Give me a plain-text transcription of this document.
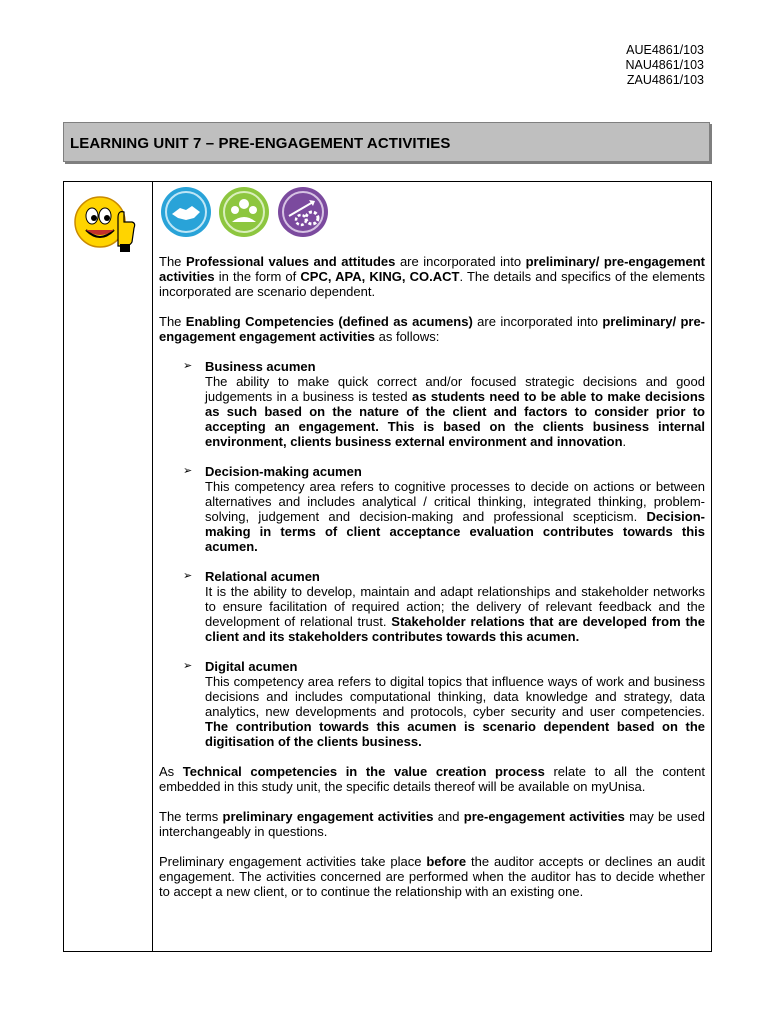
AUE4861/103
NAU4861/103
ZAU4861/103
LEARNING UNIT 7 – PRE-ENGAGEMENT ACTIVITIES

The Professional values and attitudes are incorporated into preliminary/ pre-engagement activities in the form of CPC, APA, KING, CO.ACT. The details and specifics of the elements incorporated are scenario dependent.

The Enabling Competencies (defined as acumens) are incorporated into preliminary/ pre-engagement engagement activities as follows:

➢ Business acumen
The ability to make quick correct and/or focused strategic decisions and good judgements in a business is tested as students need to be able to make decisions as such based on the nature of the client and factors to consider prior to accepting an engagement. This is based on the clients business internal environment, clients business external environment and innovation.
➢ Decision-making acumen
This competency area refers to cognitive processes to decide on actions or between alternatives and includes analytical / critical thinking, integrated thinking, problem-solving, judgement and decision-making and professional scepticism. Decision-making in terms of client acceptance evaluation contributes towards this acumen.
➢ Relational acumen
It is the ability to develop, maintain and adapt relationships and stakeholder networks to ensure facilitation of required action; the delivery of relevant feedback and the development of relational trust. Stakeholder relations that are developed from the client and its stakeholders contributes towards this acumen.
➢ Digital acumen
This competency area refers to digital topics that influence ways of work and business decisions and includes computational thinking, data knowledge and strategy, data analytics, new developments and protocols, cyber security and user competencies. The contribution towards this acumen is scenario dependent based on the digitisation of the clients business.

As Technical competencies in the value creation process relate to all the content embedded in this study unit, the specific details thereof will be available on myUnisa.

The terms preliminary engagement activities and pre-engagement activities may be used interchangeably in questions.

Preliminary engagement activities take place before the auditor accepts or declines an audit engagement. The activities concerned are performed when the auditor has to decide whether to accept a new client, or to continue the relationship with an existing one.
